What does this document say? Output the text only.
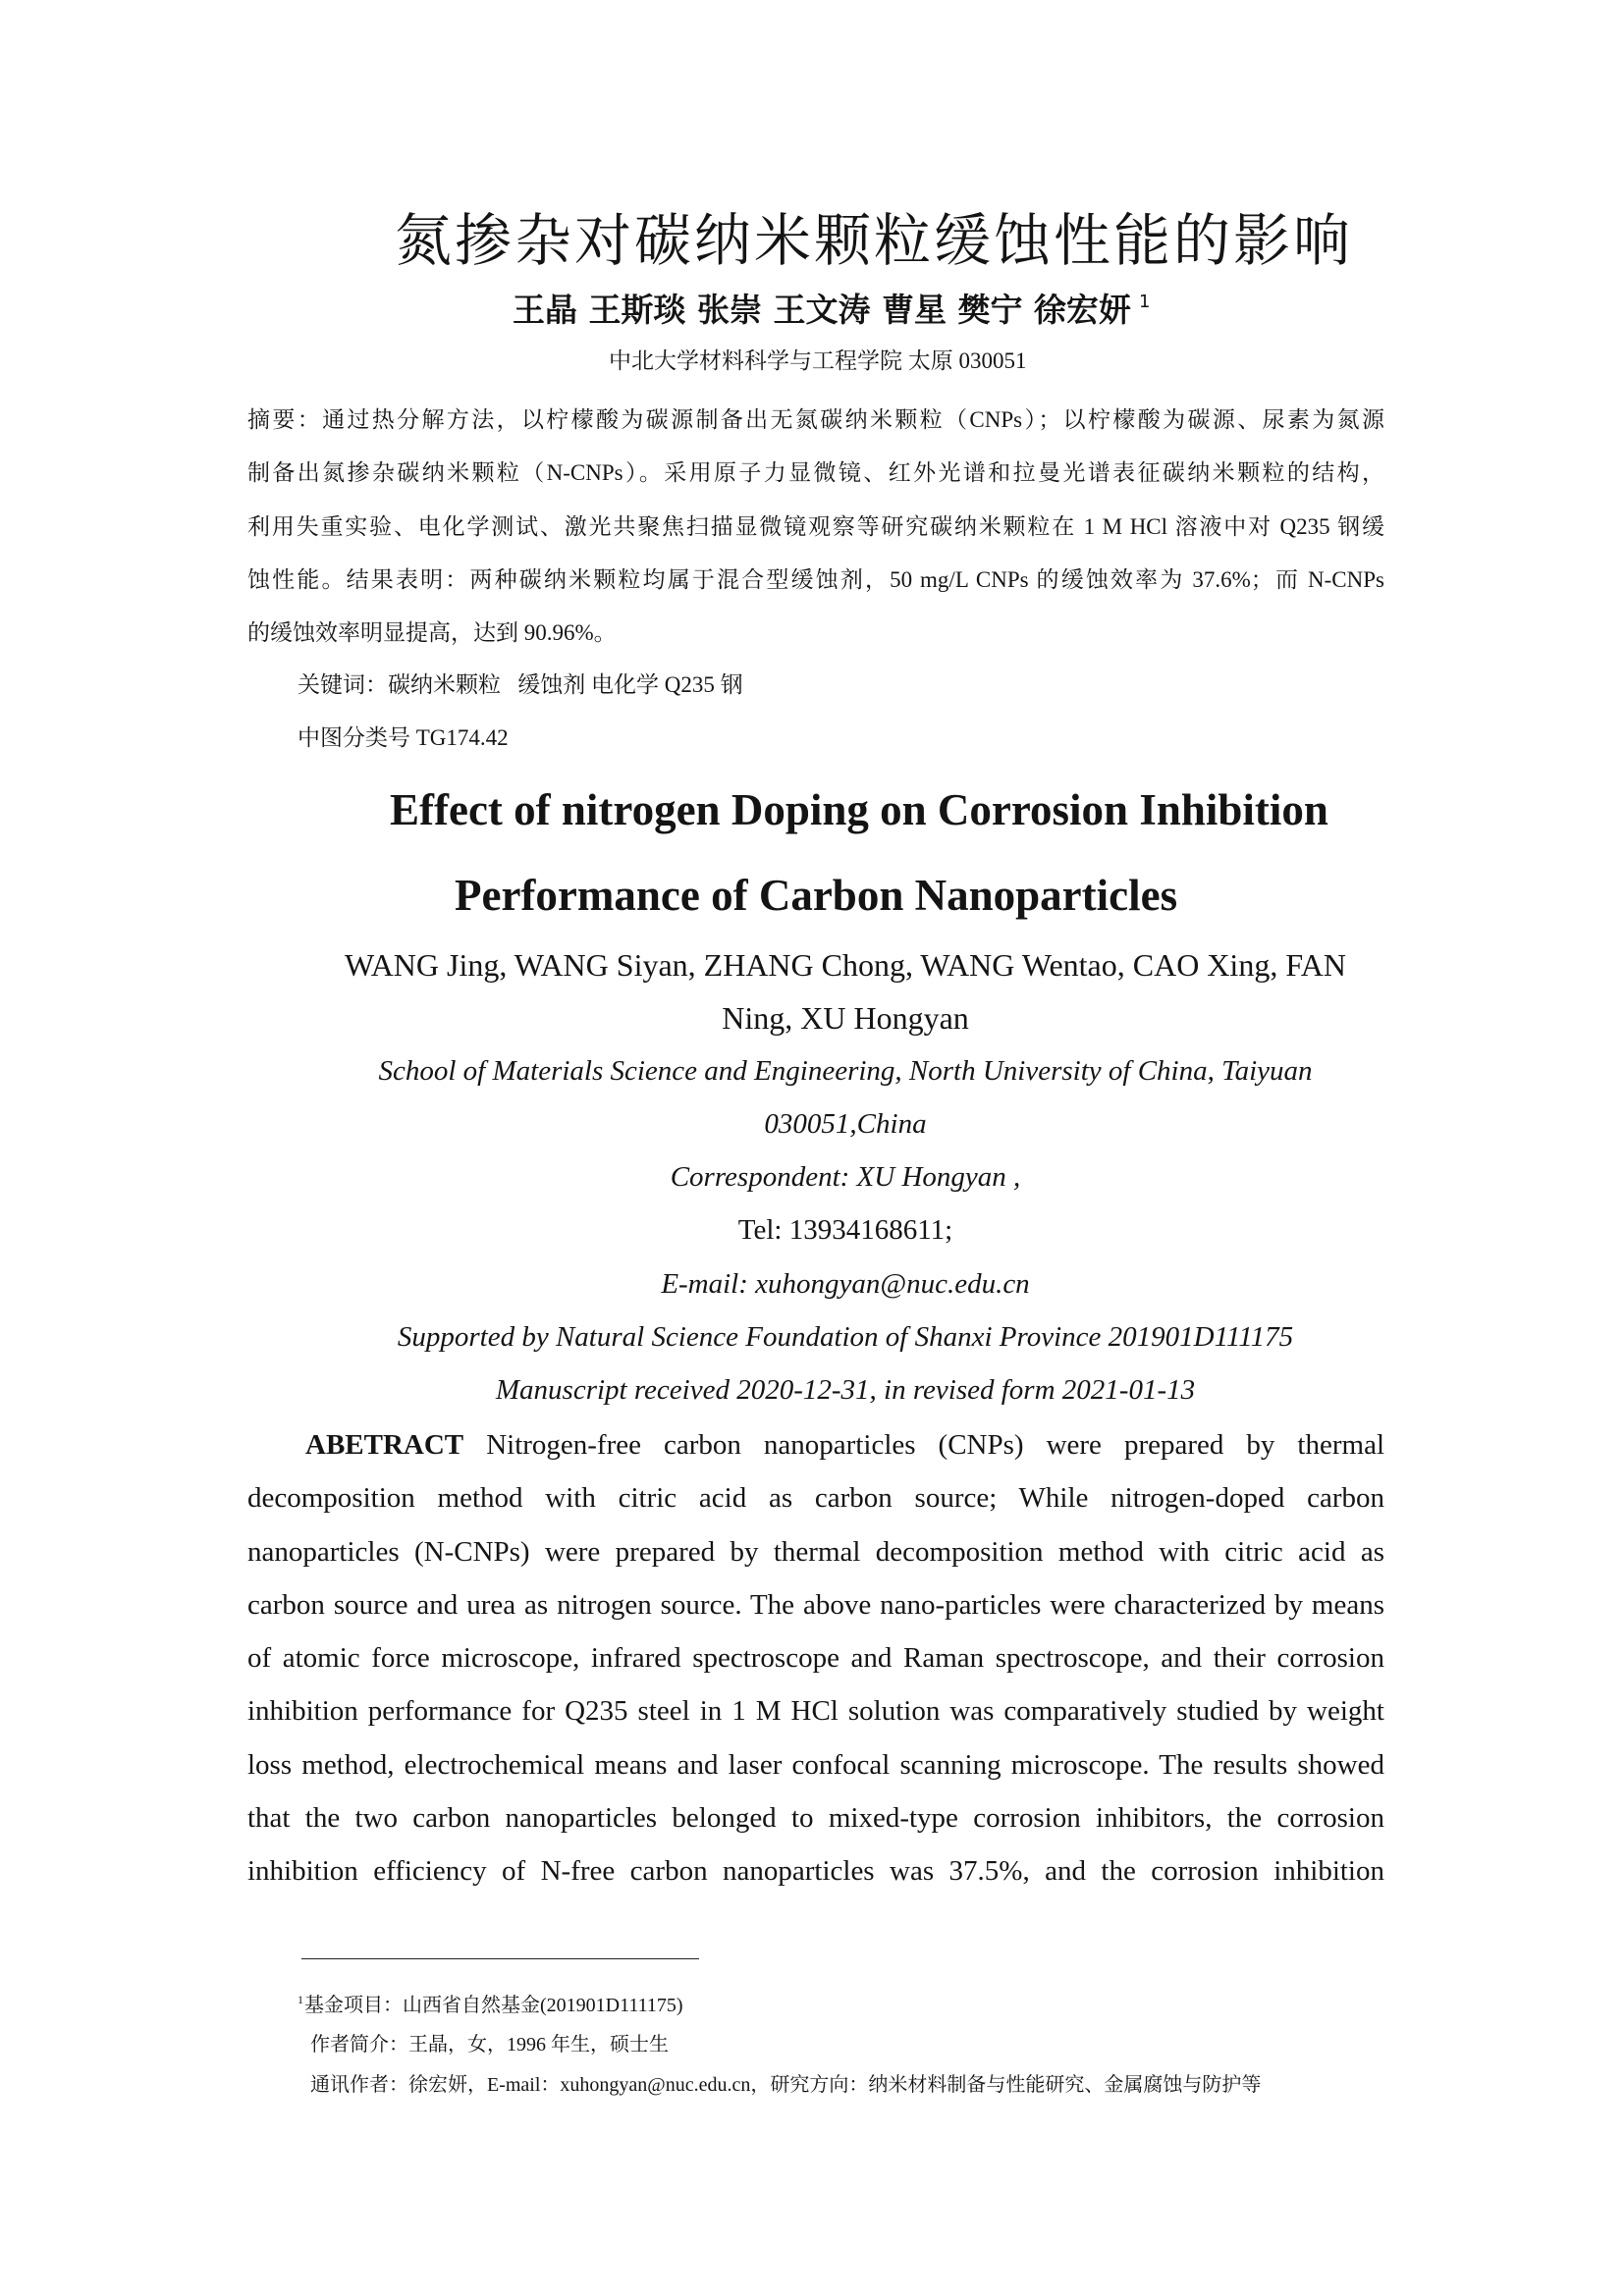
氮掺杂对碳纳米颗粒缓蚀性能的影响
王晶 王斯琰 张崇 王文涛 曹星 樊宁 徐宏妍 $^1$
中北大学材料科学与工程学院 太原 030051
摘要：通过热分解方法，以柠檬酸为碳源制备出无氮碳纳米颗粒（CNPs）；以柠檬酸为碳源、尿素为氮源
制备出氮掺杂碳纳米颗粒（N-CNPs）。采用原子力显微镜、红外光谱和拉曼光谱表征碳纳米颗粒的结构，
利用失重实验、电化学测试、激光共聚焦扫描显微镜观察等研究碳纳米颗粒在 1 M HCl 溶液中对 Q235 钢缓
蚀性能。结果表明：两种碳纳米颗粒均属于混合型缓蚀剂，50 mg/L CNPs 的缓蚀效率为 37.6%；而 N-CNPs
的缓蚀效率明显提高，达到 90.96%。
关键词：碳纳米颗粒   缓蚀剂 电化学 Q235 钢
中图分类号 TG174.42
Effect of nitrogen Doping on Corrosion Inhibition
Performance of Carbon Nanoparticles
WANG Jing, WANG Siyan, ZHANG Chong, WANG Wentao, CAO Xing, FAN
Ning, XU Hongyan
School of Materials Science and Engineering, North University of China, Taiyuan
030051,China
Correspondent: XU Hongyan ,
Tel: 13934168611;
E-mail: xuhongyan@nuc.edu.cn
Supported by Natural Science Foundation of Shanxi Province 201901D111175
Manuscript received 2020-12-31, in revised form 2021-01-13
ABETRACT Nitrogen-free carbon nanoparticles (CNPs) were prepared by thermal
decomposition method with citric acid as carbon source; While nitrogen-doped carbon
nanoparticles (N-CNPs) were prepared by thermal decomposition method with citric acid as
carbon source and urea as nitrogen source. The above nano-particles were characterized by means
of atomic force microscope, infrared spectroscope and Raman spectroscope, and their corrosion
inhibition performance for Q235 steel in 1 M HCl solution was comparatively studied by weight
loss method, electrochemical means and laser confocal scanning microscope. The results showed
that the two carbon nanoparticles belonged to mixed-type corrosion inhibitors, the corrosion
inhibition efficiency of N-free carbon nanoparticles was 37.5%, and the corrosion inhibition
$^1$基金项目：山西省自然基金(201901D111175)
作者简介：王晶，女，1996 年生，硕士生
通讯作者：徐宏妍，E-mail：xuhongyan@nuc.edu.cn，研究方向：纳米材料制备与性能研究、金属腐蚀与防护等
